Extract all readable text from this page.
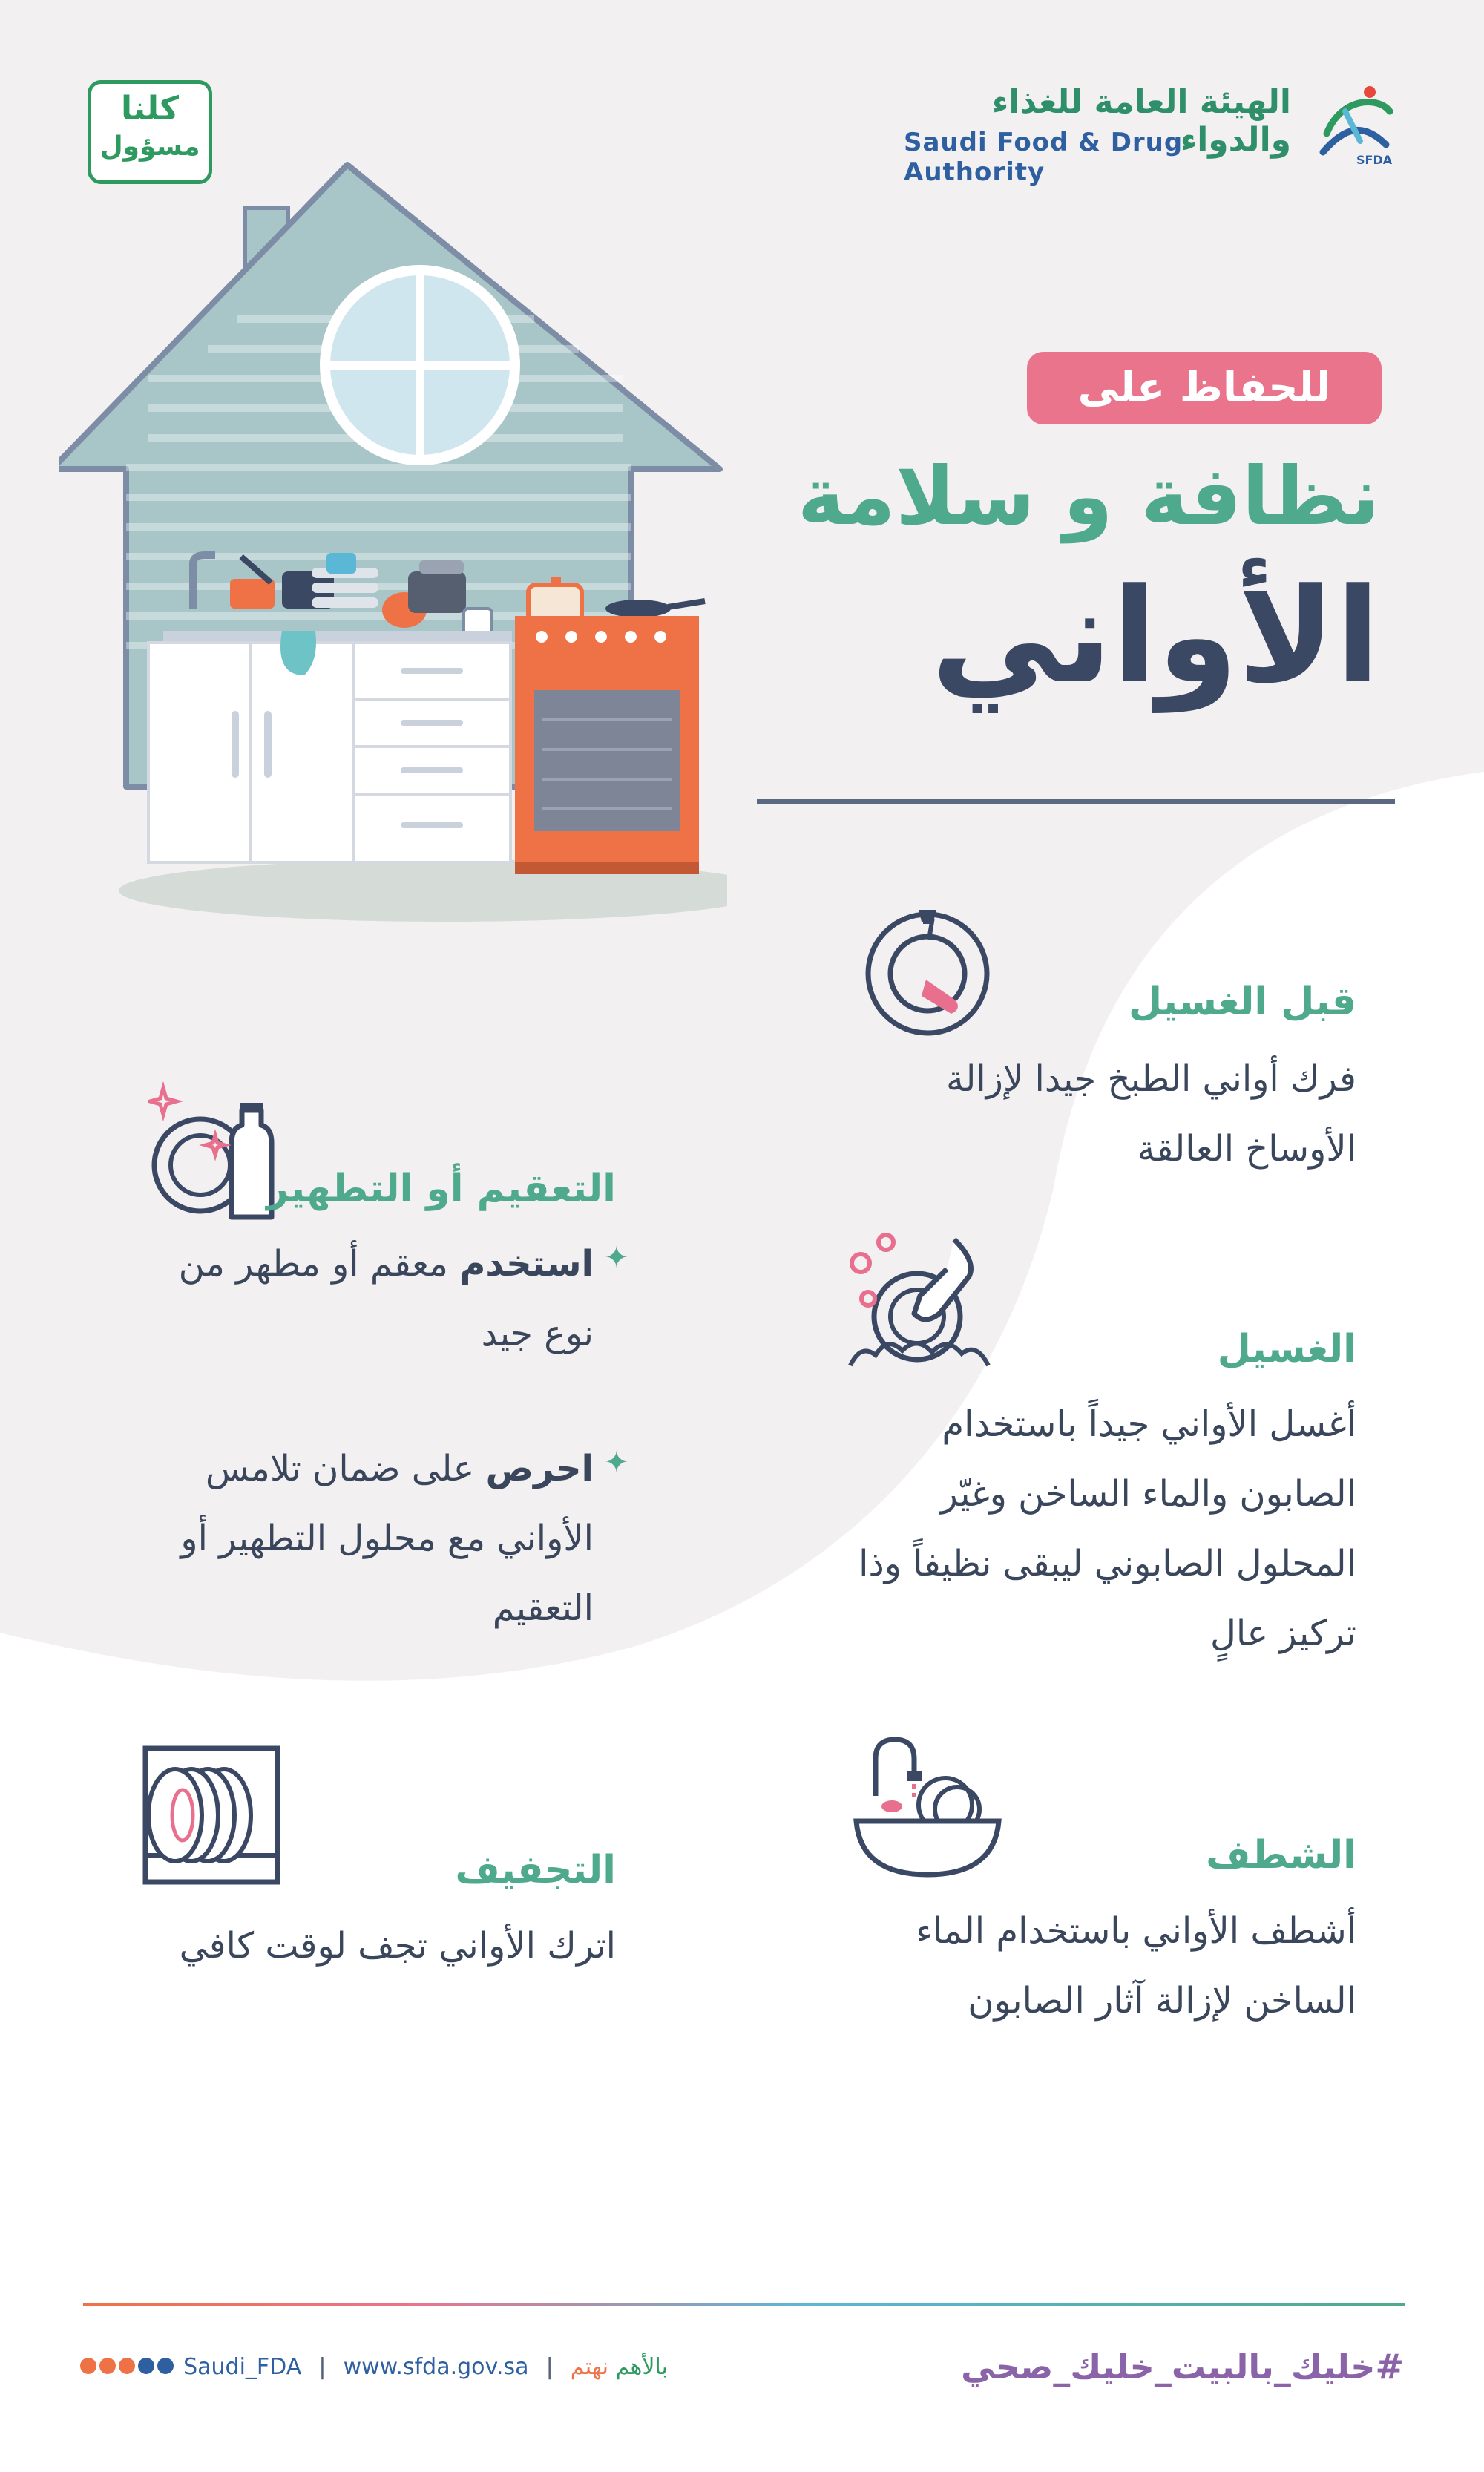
كلنا
مسؤول
الهيئة العامة للغذاء والدواء
Saudi Food & Drug Authority	SFDA
للحفاظ على
نظافة و سلامة
الأواني
قبل الغسيل
فرك أواني الطبخ جيدا لإزالة الأوساخ العالقة
الغسيل
أغسل الأواني جيداً باستخدام الصابون والماء الساخن وغيّر المحلول الصابوني ليبقى نظيفاً وذا تركيز عالٍ
الشطف
أشطف الأواني باستخدام الماء الساخن لإزالة آثار الصابون
التعقيم أو التطهير
✦
استخدم معقم أو مطهر من نوع جيد
✦
احرص على ضمان تلامس الأواني مع محلول التطهير أو التعقيم
التجفيف
اترك الأواني تجف لوقت كافي
#خليك_بالبيت_خليك_صحي
Saudi_FDA | www.sfda.gov.sa |	بالأهم نهتم
